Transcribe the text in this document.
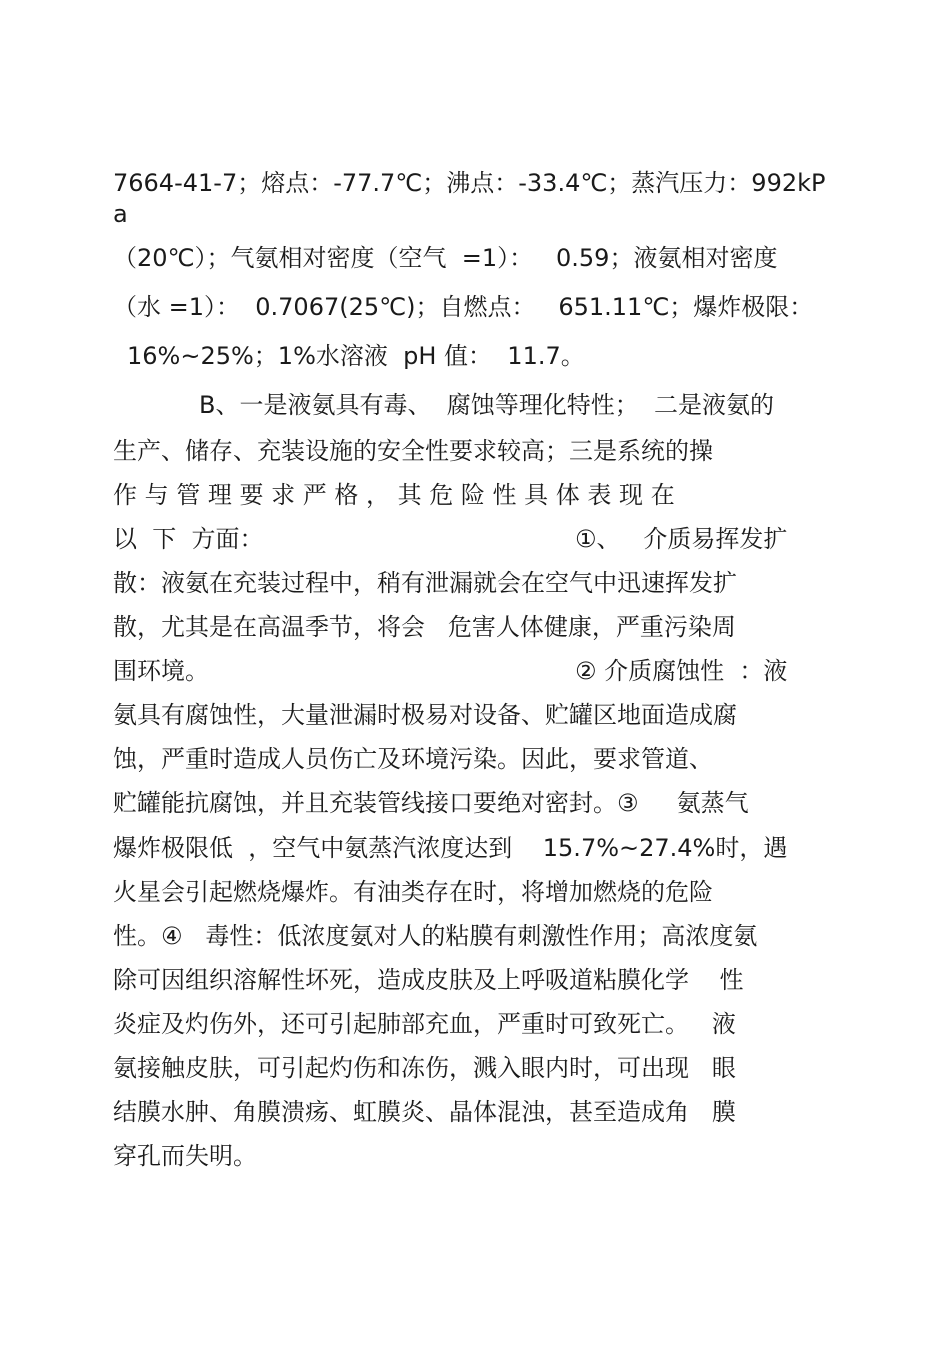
7664-41-7；熔点：-77.7℃；沸点：-33.4℃；蒸汽压力：992kP
a
（20℃）；气氨相对密度（空气  =1）：   0.59；液氨相对密度
（水 =1）：  0.7067(25℃)；自燃点：   651.11℃；爆炸极限：
16%~25%；1%水溶液  pH 值：  11.7。
B、一是液氨具有毒、  腐蚀等理化特性；  二是液氨的
生产、储存、充装设施的安全性要求较高；三是系统的操
作 与 管 理 要 求 严 格 ， 其 危 险 性 具 体 表 现 在
以  下  方面：	①、   介质易挥发扩
散：液氨在充装过程中，稍有泄漏就会在空气中迅速挥发扩
散，尤其是在高温季节，将会   危害人体健康，严重污染周
围环境。	② 介质腐蚀性  ：液
氨具有腐蚀性，大量泄漏时极易对设备、贮罐区地面造成腐
蚀，严重时造成人员伤亡及环境污染。因此，要求管道、
贮罐能抗腐蚀，并且充装管线接口要绝对密封。③     氨蒸气
爆炸极限低  ，空气中氨蒸汽浓度达到    15.7%~27.4%时，遇
火星会引起燃烧爆炸。有油类存在时，将增加燃烧的危险
性。④   毒性：低浓度氨对人的粘膜有刺激性作用；高浓度氨
除可因组织溶解性坏死，造成皮肤及上呼吸道粘膜化学    性
炎症及灼伤外，还可引起肺部充血，严重时可致死亡。   液
氨接触皮肤，可引起灼伤和冻伤，溅入眼内时，可出现   眼
结膜水肿、角膜溃疡、虹膜炎、晶体混浊，甚至造成角   膜
穿孔而失明。
